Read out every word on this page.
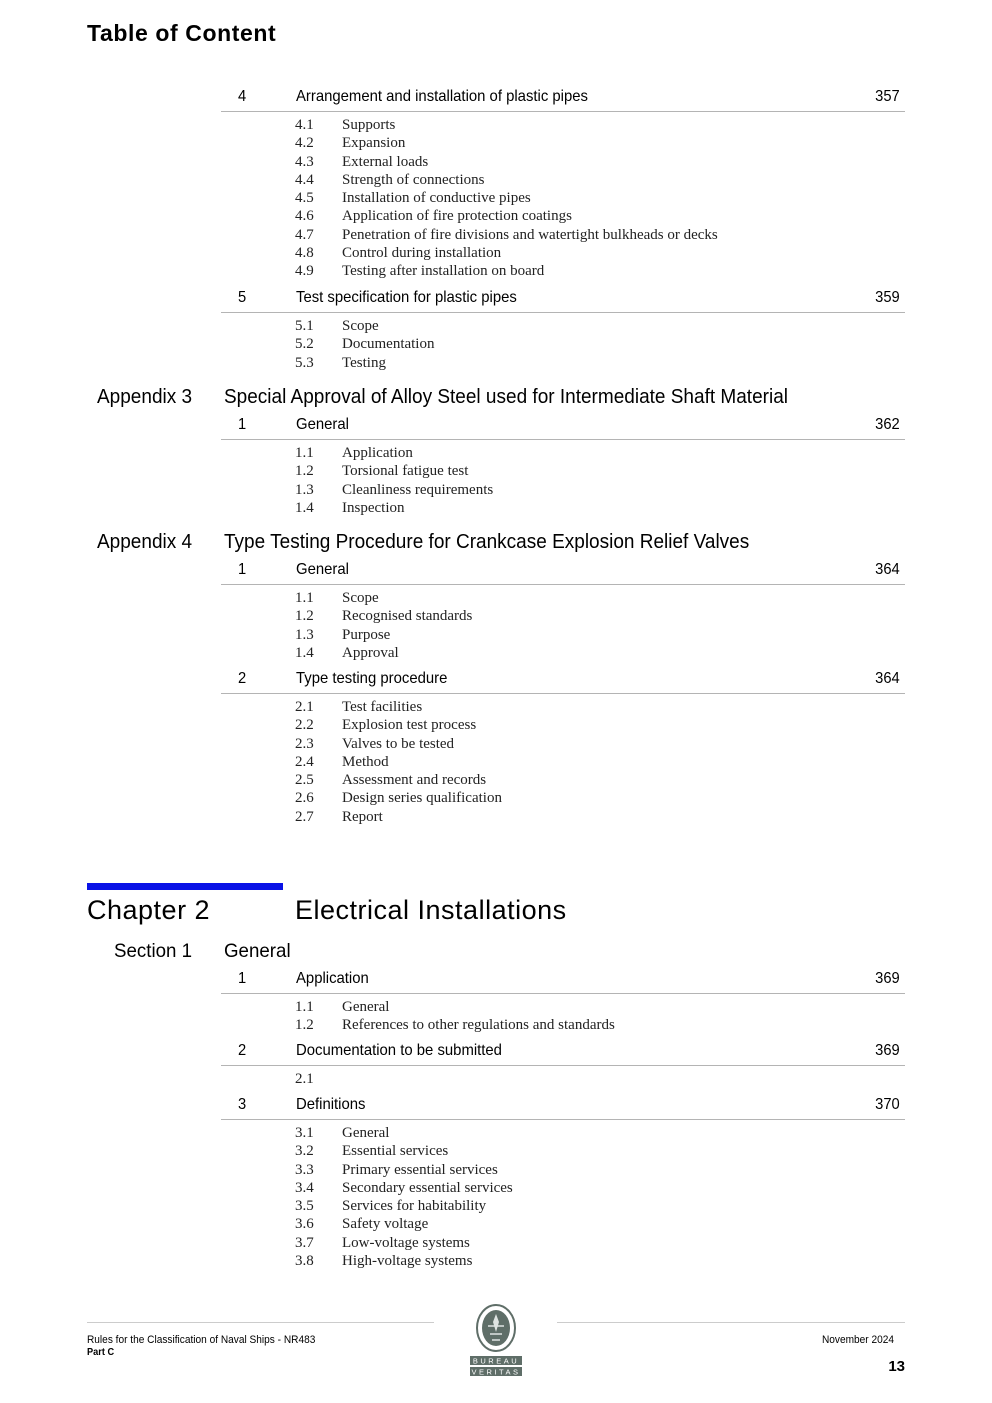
Table of Content
4	Arrangement and installation of plastic pipes	357
4.1 Supports
4.2 Expansion
4.3 External loads
4.4 Strength of connections
4.5 Installation of conductive pipes
4.6 Application of fire protection coatings
4.7 Penetration of fire divisions and watertight bulkheads or decks
4.8 Control during installation
4.9 Testing after installation on board
5	Test specification for plastic pipes	359
5.1 Scope
5.2 Documentation
5.3 Testing
Appendix 3 Special Approval of Alloy Steel used for Intermediate Shaft Material
1	General	362
1.1 Application
1.2 Torsional fatigue test
1.3 Cleanliness requirements
1.4 Inspection
Appendix 4 Type Testing Procedure for Crankcase Explosion Relief Valves
1	General	364
1.1 Scope
1.2 Recognised standards
1.3 Purpose
1.4 Approval
2	Type testing procedure	364
2.1 Test facilities
2.2 Explosion test process
2.3 Valves to be tested
2.4 Method
2.5 Assessment and records
2.6 Design series qualification
2.7 Report
Chapter 2	Electrical Installations
Section 1 General
1	Application	369
1.1 General
1.2 References to other regulations and standards
2	Documentation to be submitted	369
2.1
3	Definitions	370
3.1 General
3.2 Essential services
3.3 Primary essential services
3.4 Secondary essential services
3.5 Services for habitability
3.6 Safety voltage
3.7 Low-voltage systems
3.8 High-voltage systems
Rules for the Classification of Naval Ships - NR483
Part C
November 2024
13
BUREAU
VERITAS
